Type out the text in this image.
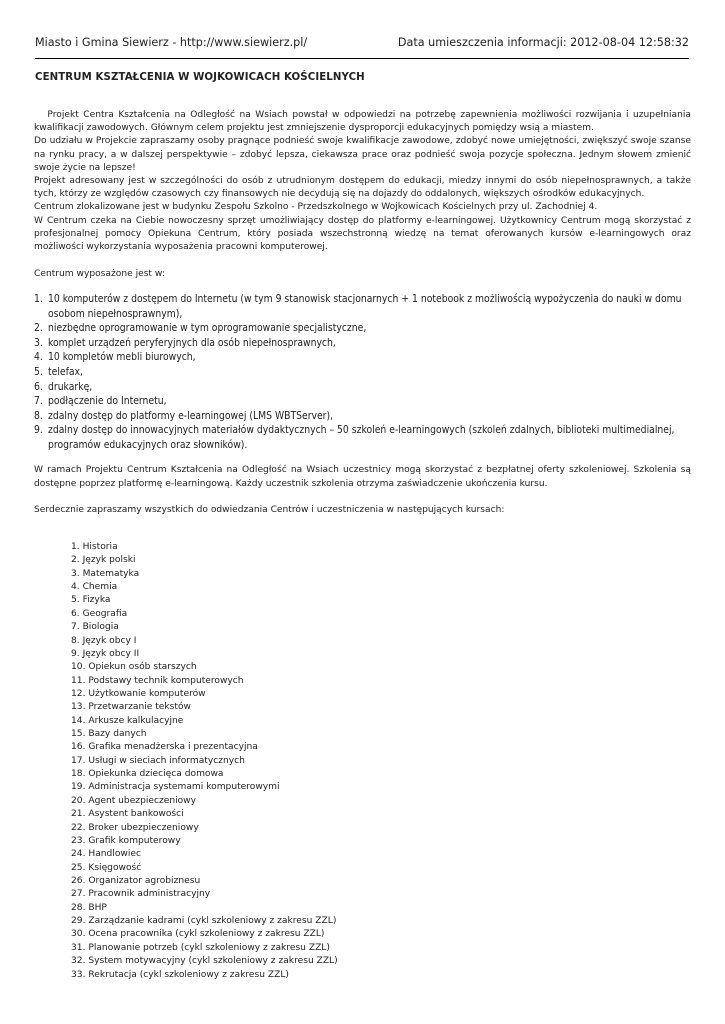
Miasto i Gmina Siewierz - http://www.siewierz.pl/	Data umieszczenia informacji: 2012-08-04 12:58:32
CENTRUM KSZTAŁCENIA W WOJKOWICACH KOŚCIELNYCH

Projekt Centra Kształcenia na Odległość na Wsiach powstał w odpowiedzi na potrzebę zapewnienia możliwości rozwijania i uzupełniania kwalifikacji zawodowych. Głównym celem projektu jest zmniejszenie dysproporcji edukacyjnych pomiędzy wsią a miastem.

Do udziału w Projekcie zapraszamy osoby pragnące podnieść swoje kwalifikacje zawodowe, zdobyć nowe umiejętności, zwiększyć swoje szanse na rynku pracy, a w dalszej perspektywie – zdobyć lepsza, ciekawsza prace oraz podnieść swoja pozycje społeczna. Jednym słowem zmienić swoje życie na lepsze!

Projekt adresowany jest w szczególności do osób z utrudnionym dostępem do edukacji, miedzy innymi do osób niepełnosprawnych, a także tych, którzy ze względów czasowych czy finansowych nie decydują się na dojazdy do oddalonych, większych ośrodków edukacyjnych.

Centrum zlokalizowane jest w budynku Zespołu Szkolno - Przedszkolnego w Wojkowicach Kościelnych przy ul. Zachodniej 4.

W Centrum czeka na Ciebie nowoczesny sprzęt umożliwiający dostęp do platformy e-learningowej. Użytkownicy Centrum mogą skorzystać z profesjonalnej pomocy Opiekuna Centrum, który posiada wszechstronną wiedzę na temat oferowanych kursów e-learningowych oraz możliwości wykorzystania wyposażenia pracowni komputerowej.

Centrum wyposażone jest w:
1. 10 komputerów z dostępem do Internetu (w tym 9 stanowisk stacjonarnych + 1 notebook z możliwością wypożyczenia do nauki w domu osobom niepełnosprawnym),
2. niezbędne oprogramowanie w tym oprogramowanie specjalistyczne,
3. komplet urządzeń peryferyjnych dla osób niepełnosprawnych,
4. 10 kompletów mebli biurowych,
5. telefax,
6. drukarkę,
7. podłączenie do Internetu,
8. zdalny dostęp do platformy e-learningowej (LMS WBTServer),
9. zdalny dostęp do innowacyjnych materiałów dydaktycznych – 50 szkoleń e-learningowych (szkoleń zdalnych, biblioteki multimedialnej, programów edukacyjnych oraz słowników).
W ramach Projektu Centrum Kształcenia na Odległość na Wsiach uczestnicy mogą skorzystać z bezpłatnej oferty szkoleniowej. Szkolenia są dostępne poprzez platformę e-learningową. Każdy uczestnik szkolenia otrzyma zaświadczenie ukończenia kursu.
Serdecznie zapraszamy wszystkich do odwiedzania Centrów i uczestniczenia w następujących kursach:
1. Historia
2. Język polski
3. Matematyka
4. Chemia
5. Fizyka
6. Geografia
7. Biologia
8. Język obcy I
9. Język obcy II
10. Opiekun osób starszych
11. Podstawy technik komputerowych
12. Użytkowanie komputerów
13. Przetwarzanie tekstów
14. Arkusze kalkulacyjne
15. Bazy danych
16. Grafika menadżerska i prezentacyjna
17. Usługi w sieciach informatycznych
18. Opiekunka dziecięca domowa
19. Administracja systemami komputerowymi
20. Agent ubezpieczeniowy
21. Asystent bankowości
22. Broker ubezpieczeniowy
23. Grafik komputerowy
24. Handlowiec
25. Księgowość
26. Organizator agrobiznesu
27. Pracownik administracyjny
28. BHP
29. Zarządzanie kadrami (cykl szkoleniowy z zakresu ZZL)
30. Ocena pracownika (cykl szkoleniowy z zakresu ZZL)
31. Planowanie potrzeb (cykl szkoleniowy z zakresu ZZL)
32. System motywacyjny (cykl szkoleniowy z zakresu ZZL)
33. Rekrutacja (cykl szkoleniowy z zakresu ZZL)
